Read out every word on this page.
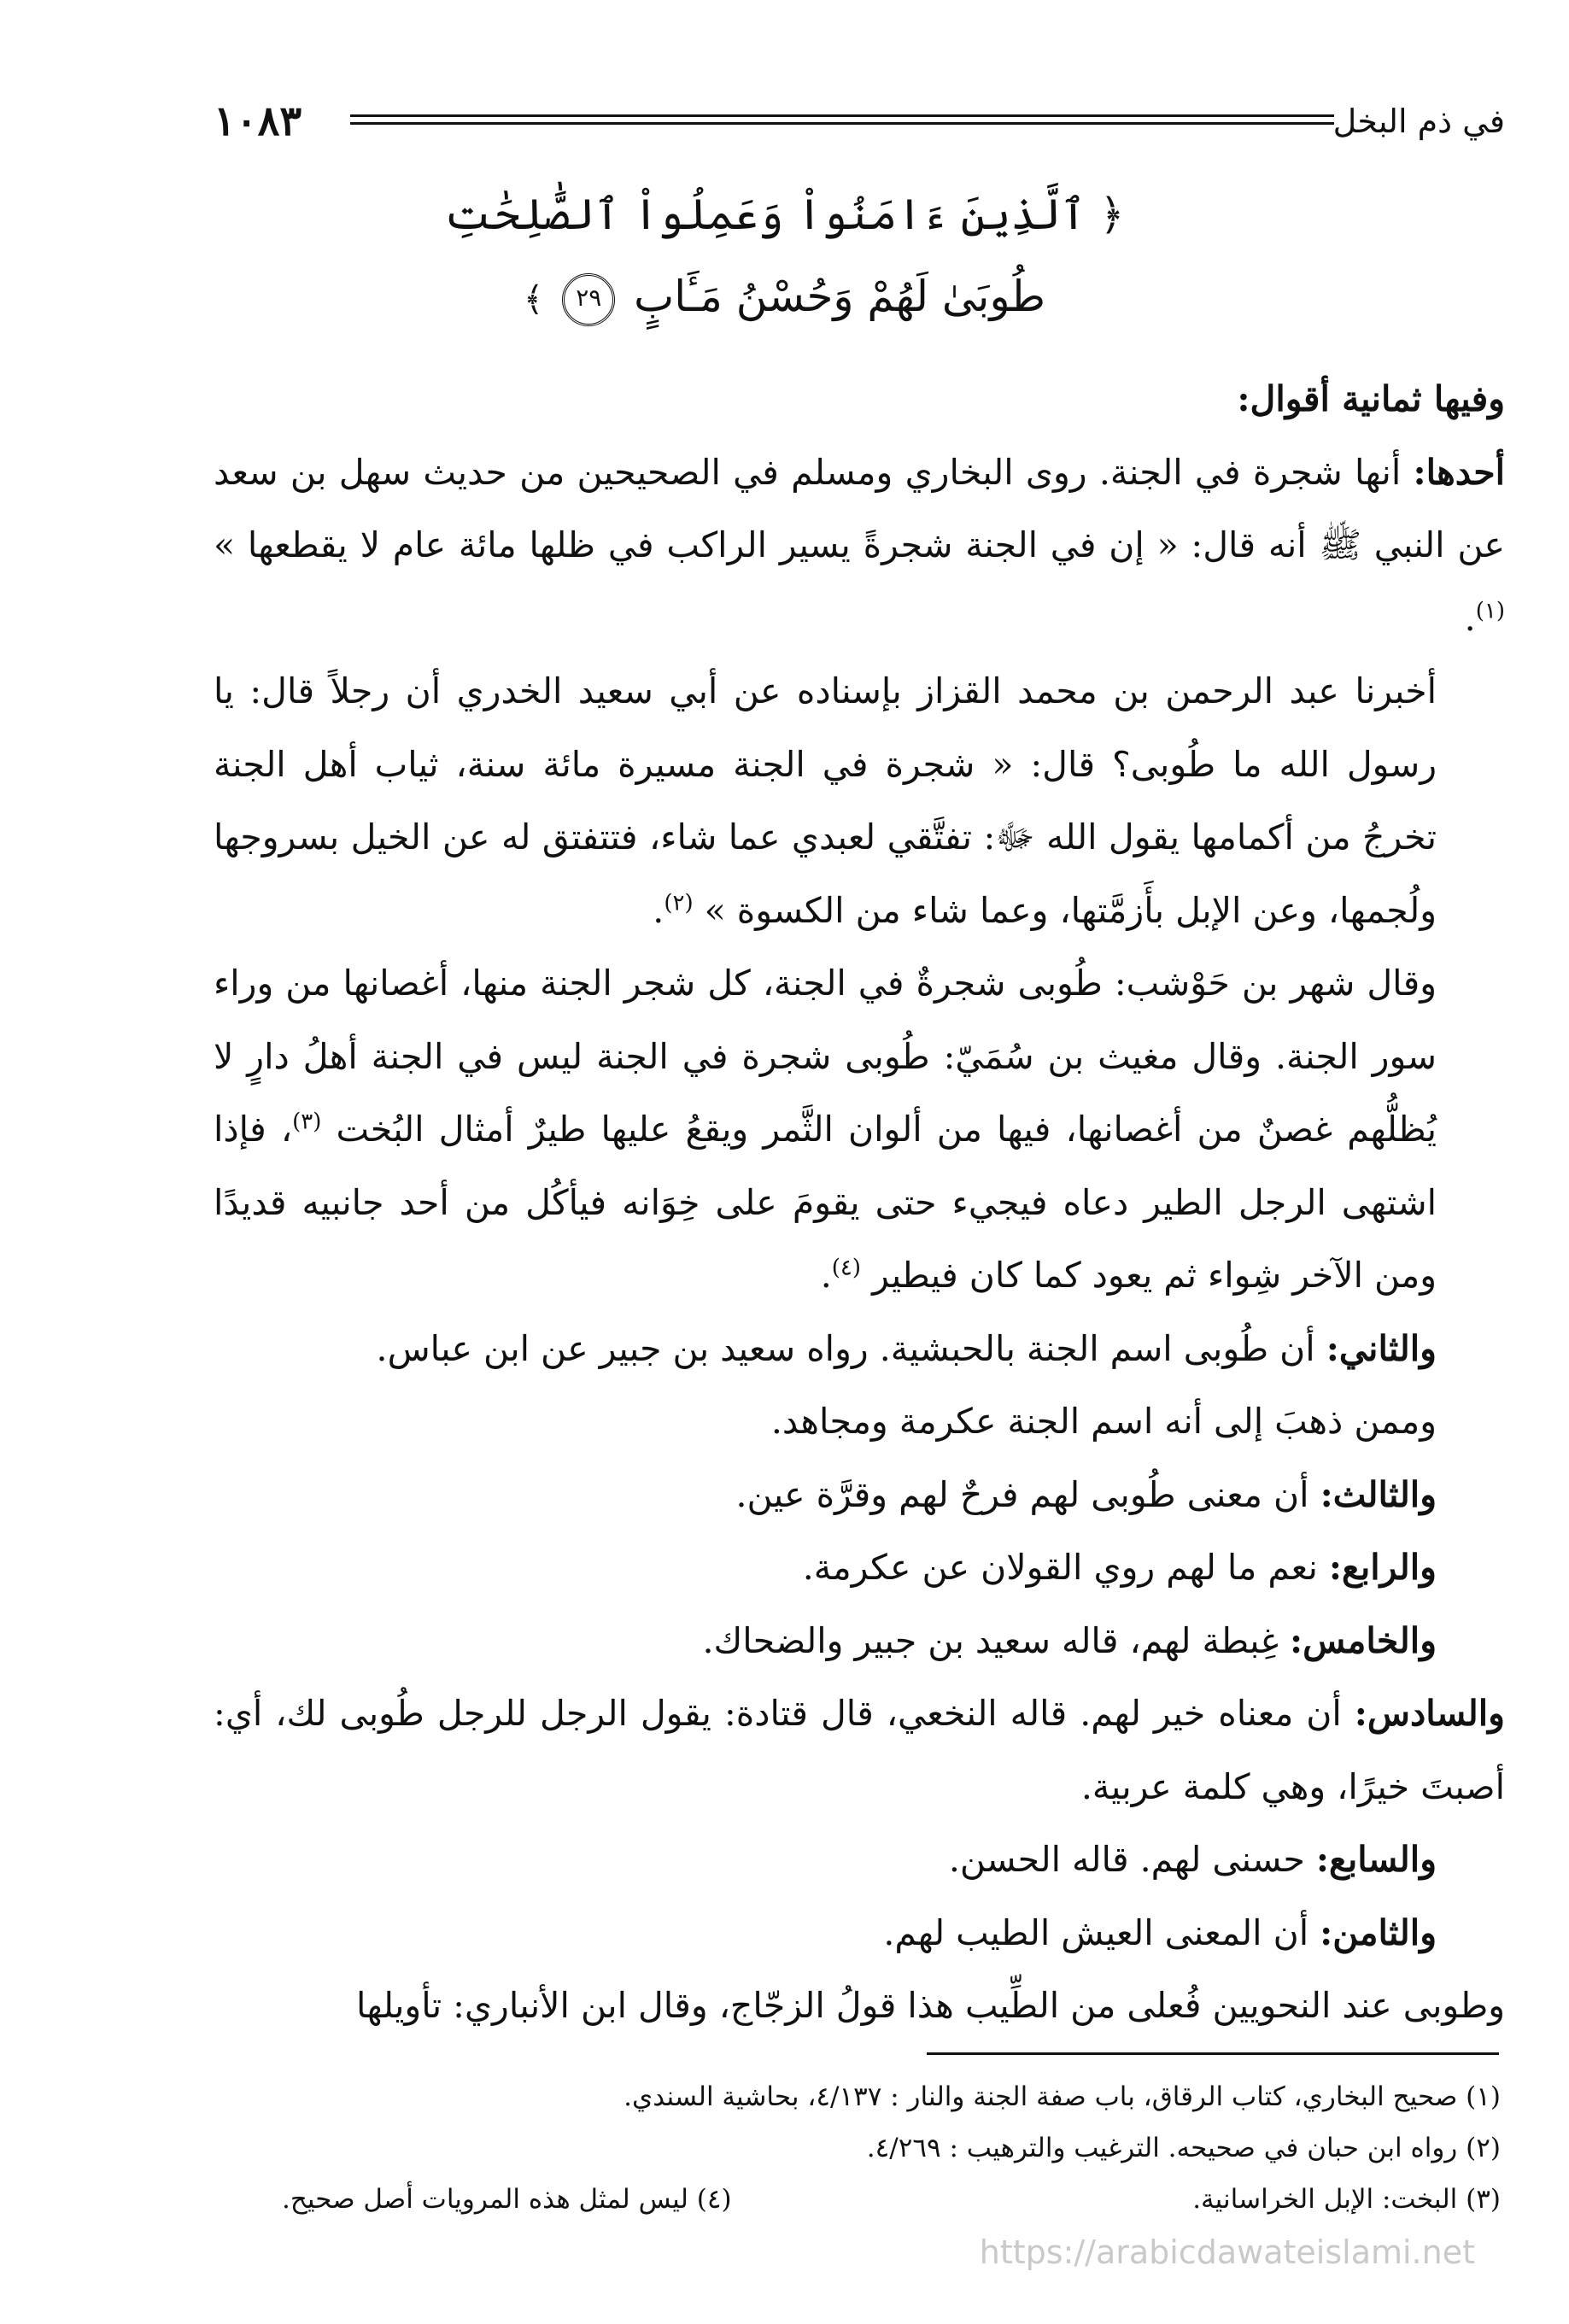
١٠٨٣	في ذم البخل
﴿ ٱلَّذِينَ ءَامَنُواْ وَعَمِلُواْ ٱلصَّٰلِحَٰتِ
طُوبَىٰ لَهُمْ وَحُسْنُ مَـَٔابٍ ٢٩ ﴾

وفيها ثمانية أقوال:

أحدها: أنها شجرة في الجنة. روى البخاري ومسلم في الصحيحين من حديث سهل بن سعد عن النبي ﷺ أنه قال: « إن في الجنة شجرةً يسير الراكب في ظلها مائة عام لا يقطعها » $^{(١)}$.

أخبرنا عبد الرحمن بن محمد القزاز بإسناده عن أبي سعيد الخدري أن رجلاً قال: يا رسول الله ما طُوبى؟ قال: « شجرة في الجنة مسيرة مائة سنة، ثياب أهل الجنة تخرجُ من أكمامها يقول الله ﷻ: تفتَّقي لعبدي عما شاء، فتتفتق له عن الخيل بسروجها ولُجمها، وعن الإبل بأَزمَّتها، وعما شاء من الكسوة » $^{(٢)}$.

وقال شهر بن حَوْشب: طُوبى شجرةٌ في الجنة، كل شجر الجنة منها، أغصانها من وراء سور الجنة. وقال مغيث بن سُمَيّ: طُوبى شجرة في الجنة ليس في الجنة أهلُ دارٍ لا يُظلُّهم غصنٌ من أغصانها، فيها من ألوان الثَّمر ويقعُ عليها طيرٌ أمثال البُخت $^{(٣)}$، فإذا اشتهى الرجل الطير دعاه فيجيء حتى يقومَ على خِوَانه فيأكُل من أحد جانبيه قديدًا ومن الآخر شِواء ثم يعود كما كان فيطير $^{(٤)}$.

والثاني: أن طُوبى اسم الجنة بالحبشية. رواه سعيد بن جبير عن ابن عباس.

وممن ذهبَ إلى أنه اسم الجنة عكرمة ومجاهد.

والثالث: أن معنى طُوبى لهم فرحٌ لهم وقرَّة عين.

والرابع: نعم ما لهم روي القولان عن عكرمة.

والخامس: غِبطة لهم، قاله سعيد بن جبير والضحاك.

والسادس: أن معناه خير لهم. قاله النخعي، قال قتادة: يقول الرجل للرجل طُوبى لك، أي: أصبتَ خيرًا، وهي كلمة عربية.

والسابع: حسنى لهم. قاله الحسن.

والثامن: أن المعنى العيش الطيب لهم.

وطوبى عند النحويين فُعلى من الطِّيب هذا قولُ الزجّاج، وقال ابن الأنباري: تأويلها

(١) صحيح البخاري، كتاب الرقاق، باب صفة الجنة والنار : ٤/١٣٧، بحاشية السندي.

(٢) رواه ابن حبان في صحيحه. الترغيب والترهيب : ٤/٢٦٩.

(٣) البخت: الإبل الخراسانية.
(٤) ليس لمثل هذه المرويات أصل صحيح.
https://arabicdawateislami.net
